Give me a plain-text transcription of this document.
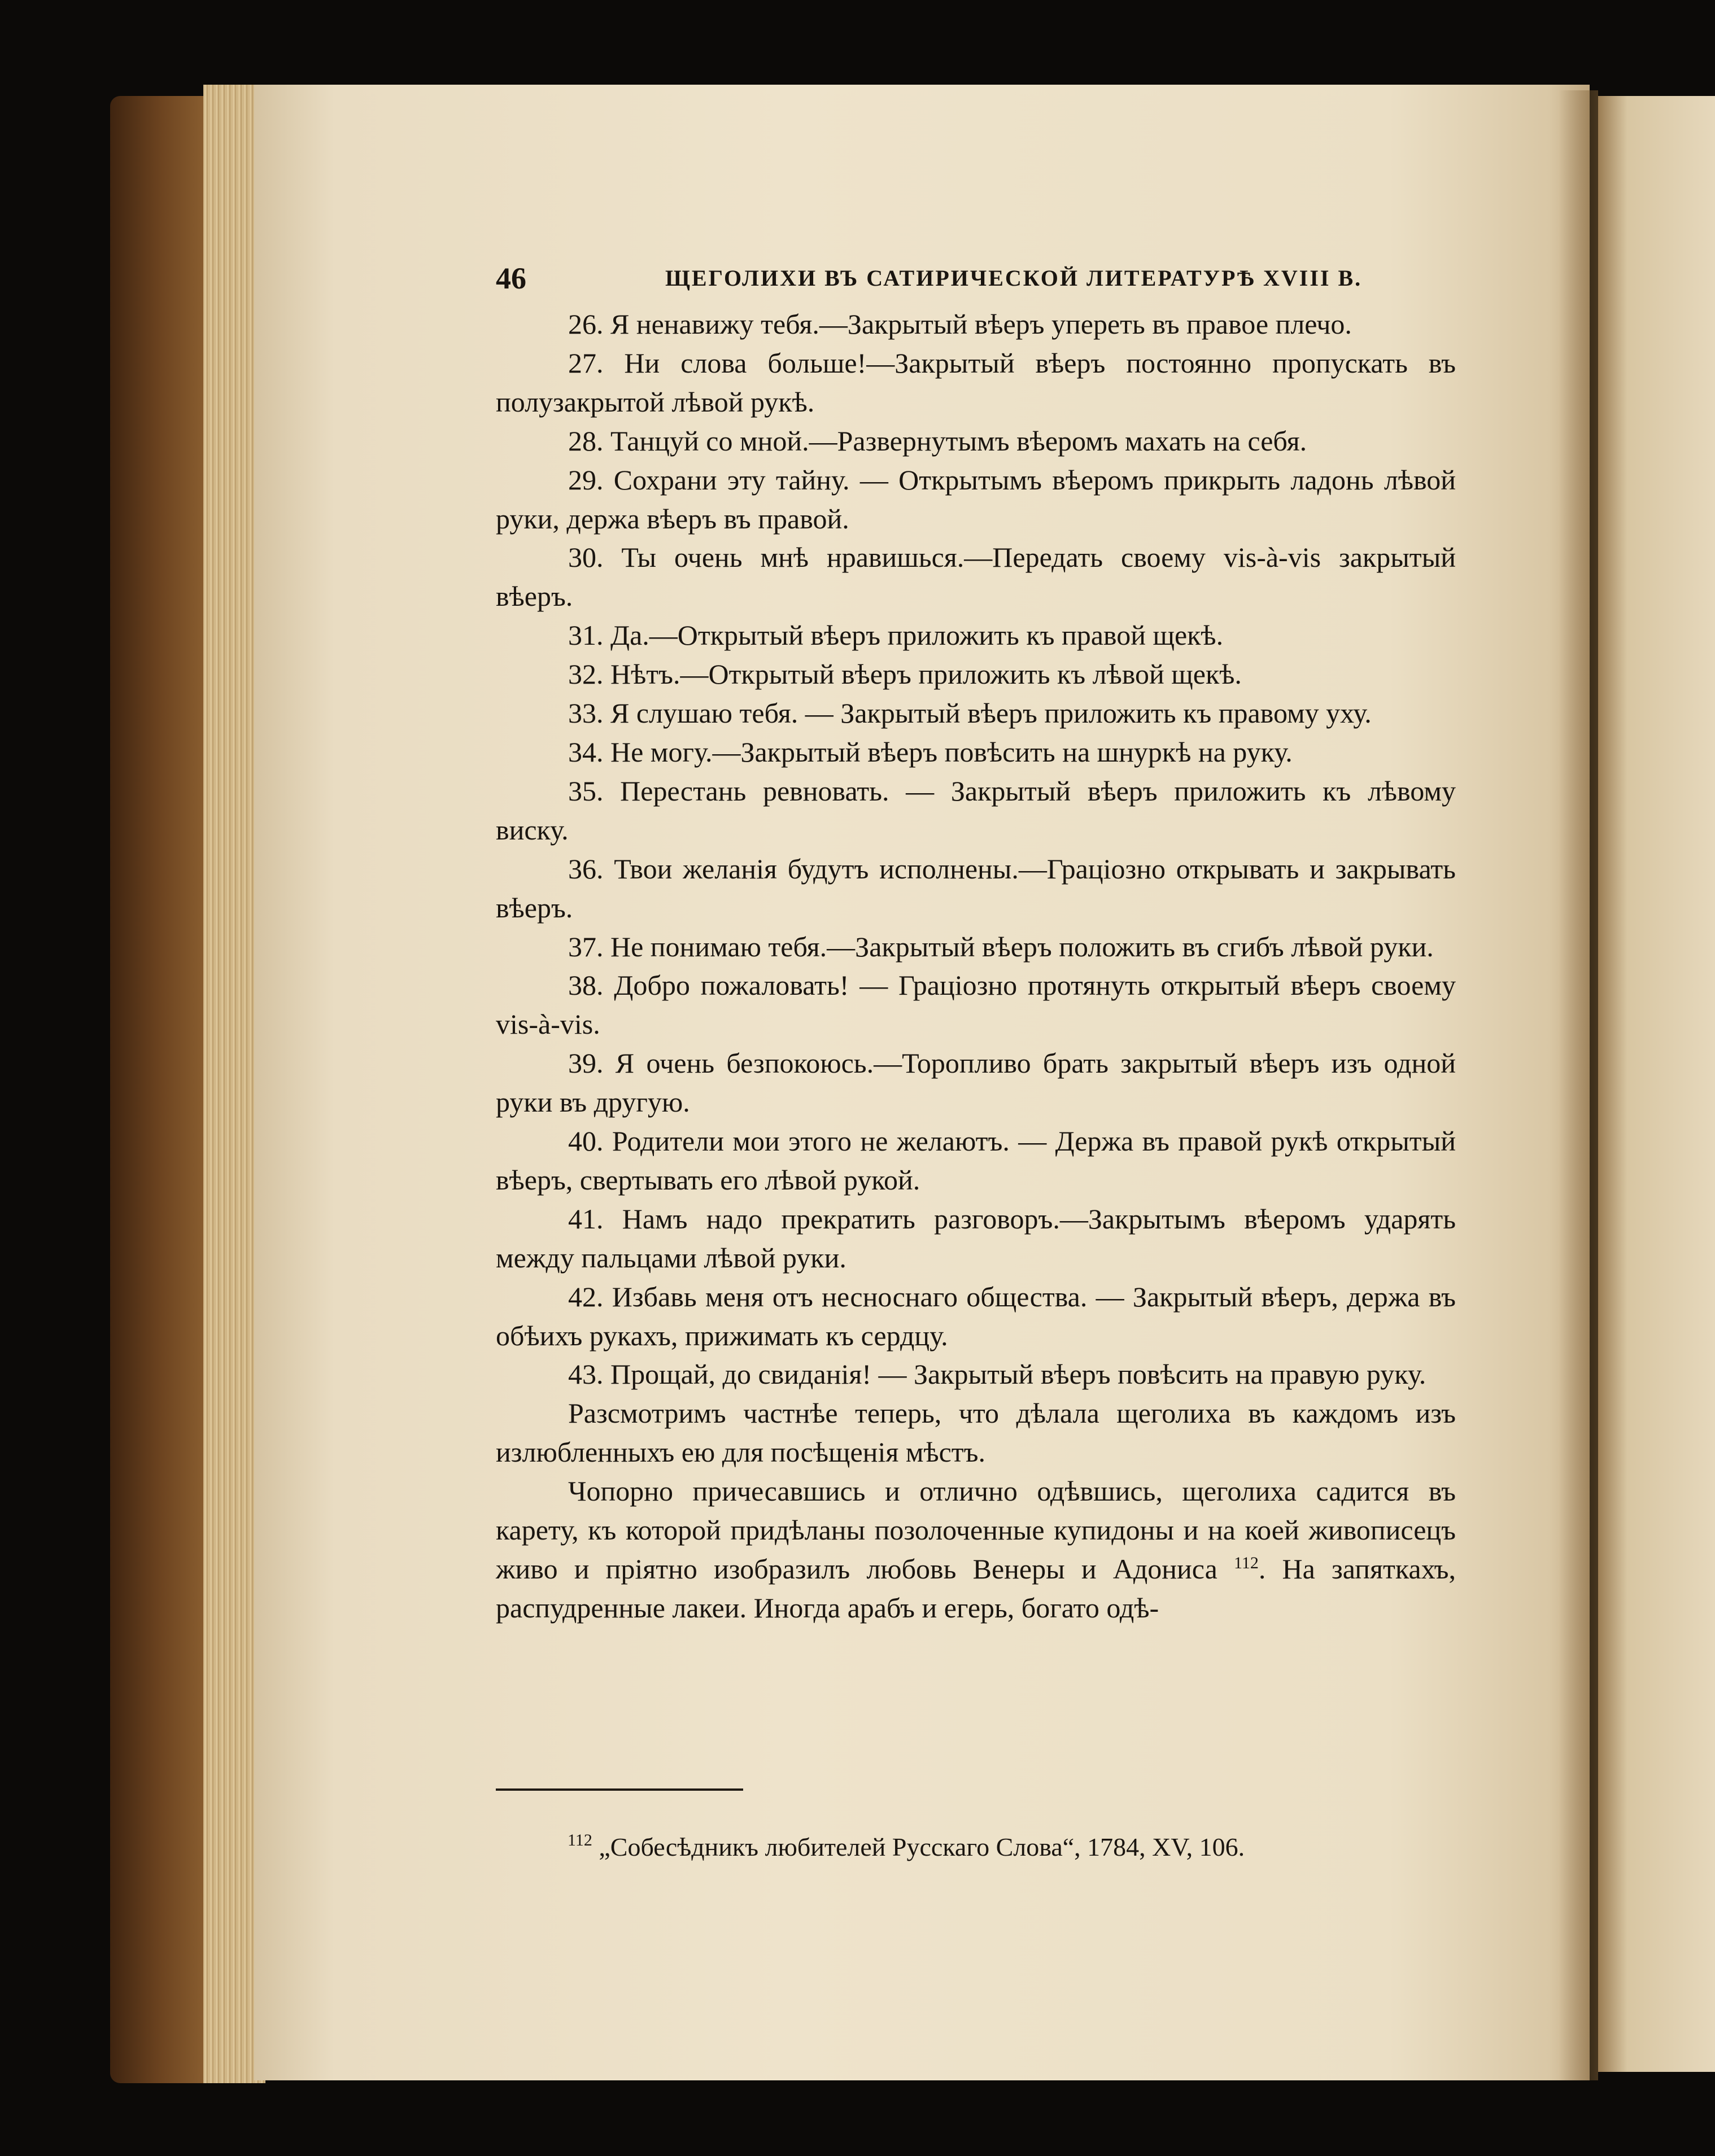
46	ЩЕГОЛИХИ ВЪ САТИРИЧЕСКОЙ ЛИТЕРАТУРѢ XVIII В.

26. Я ненавижу тебя.—Закрытый вѣеръ упереть въ правое плечо.

27. Ни слова больше!—Закрытый вѣеръ постоянно пропускать въ полузакрытой лѣвой рукѣ.

28. Танцуй со мной.—Развернутымъ вѣеромъ махать на себя.

29. Сохрани эту тайну. — Открытымъ вѣеромъ прикрыть ладонь лѣвой руки, держа вѣеръ въ правой.

30. Ты очень мнѣ нравишься.—Передать своему vis-à-vis закрытый вѣеръ.

31. Да.—Открытый вѣеръ приложить къ правой щекѣ.

32. Нѣтъ.—Открытый вѣеръ приложить къ лѣвой щекѣ.

33. Я слушаю тебя. — Закрытый вѣеръ приложить къ правому уху.

34. Не могу.—Закрытый вѣеръ повѣсить на шнуркѣ на руку.

35. Перестань ревновать. — Закрытый вѣеръ приложить къ лѣвому виску.

36. Твои желанія будутъ исполнены.—Граціозно открывать и закрывать вѣеръ.

37. Не понимаю тебя.—Закрытый вѣеръ положить въ сгибъ лѣвой руки.

38. Добро пожаловать! — Граціозно протянуть открытый вѣеръ своему vis-à-vis.

39. Я очень безпокоюсь.—Торопливо брать закрытый вѣеръ изъ одной руки въ другую.

40. Родители мои этого не желаютъ. — Держа въ правой рукѣ открытый вѣеръ, свертывать его лѣвой рукой.

41. Намъ надо прекратить разговоръ.—Закрытымъ вѣеромъ ударять между пальцами лѣвой руки.

42. Избавь меня отъ несноснаго общества. — Закрытый вѣеръ, держа въ обѣихъ рукахъ, прижимать къ сердцу.

43. Прощай, до свиданія! — Закрытый вѣеръ повѣсить на правую руку.

Разсмотримъ частнѣе теперь, что дѣлала щеголиха въ каждомъ изъ излюбленныхъ ею для посѣщенія мѣстъ.

Чопорно причесавшись и отлично одѣвшись, щеголиха садится въ карету, къ которой придѣланы позолоченные купидоны и на коей живописецъ живо и пріятно изобразилъ любовь Венеры и Адониса $^{112}$. На запяткахъ, распудренные лакеи. Иногда арабъ и егерь, богато одѣ-

$^{112}$ „Собесѣдникъ любителей Русскаго Слова“, 1784, XV, 106.
